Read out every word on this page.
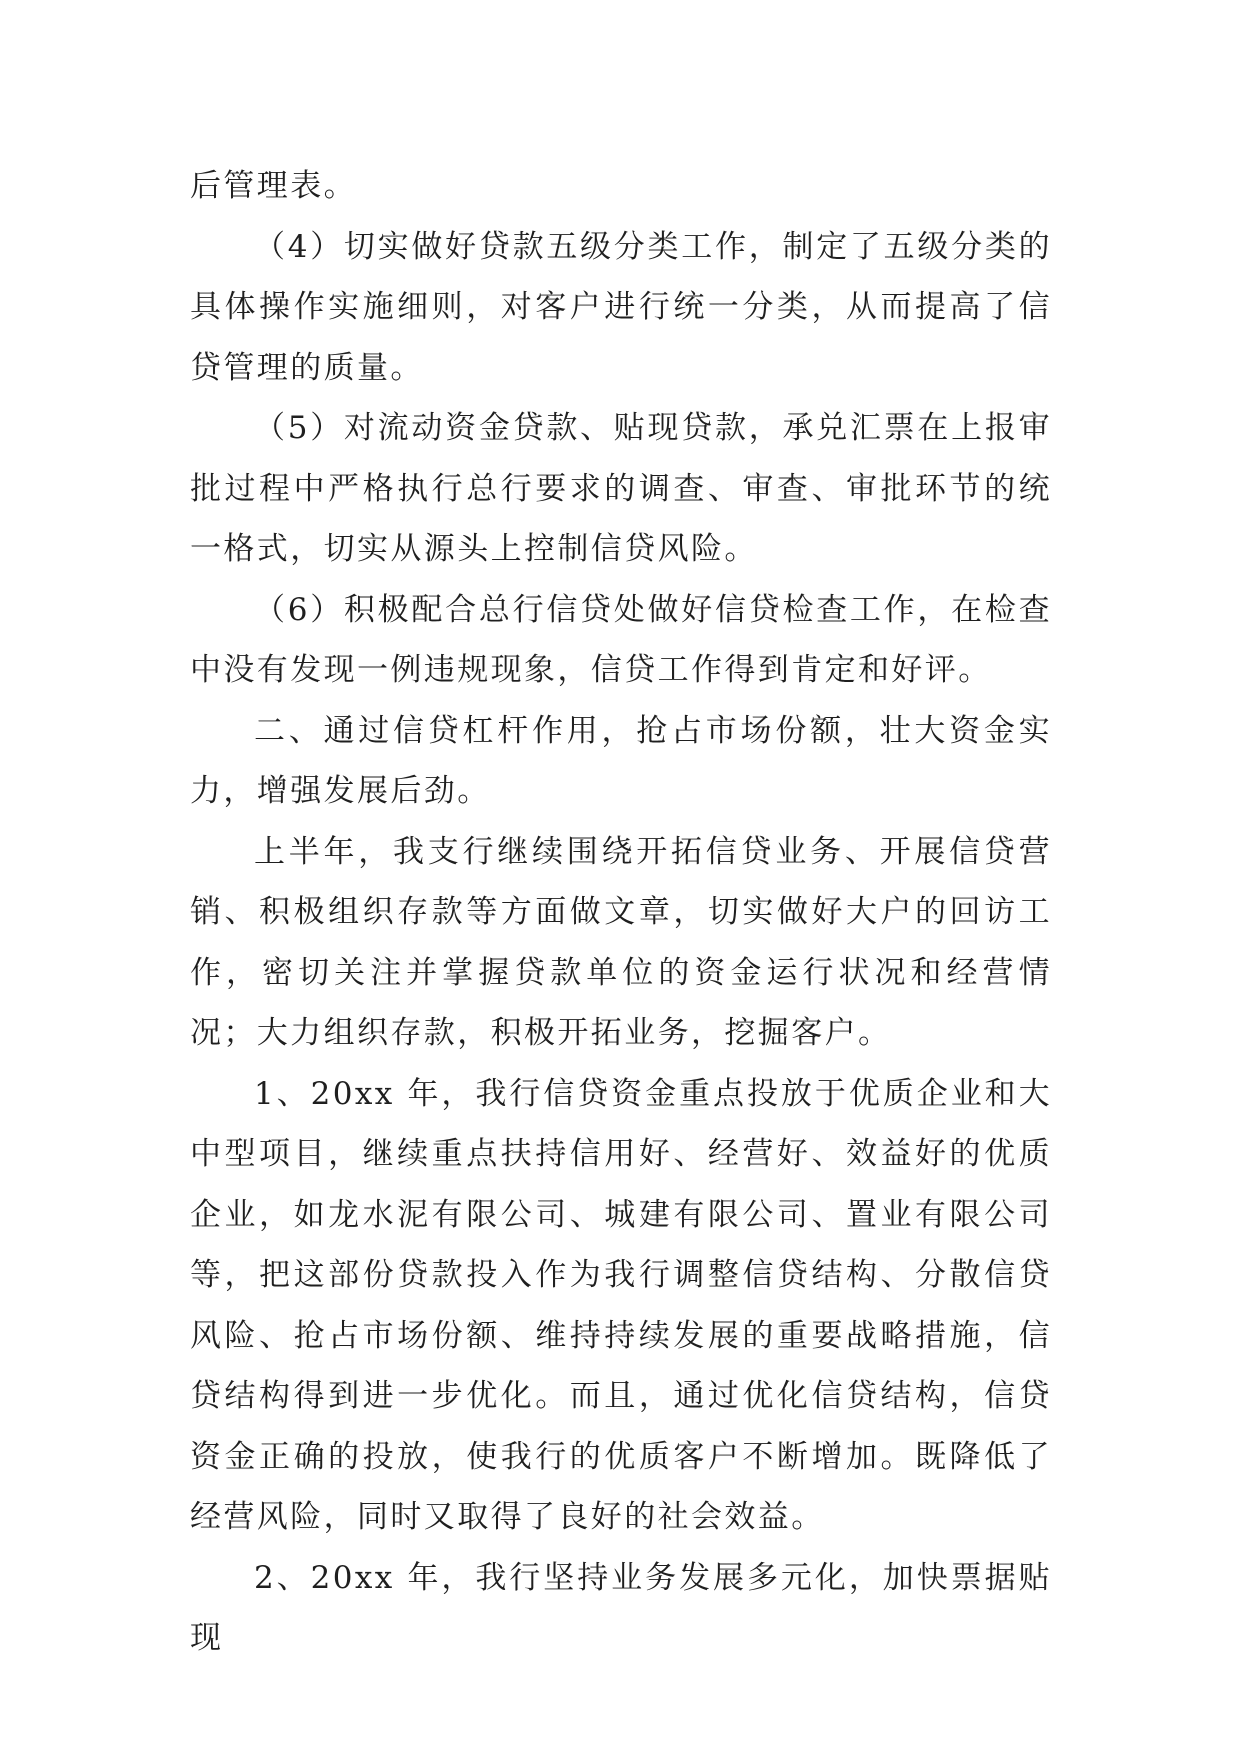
后管理表。

（4）切实做好贷款五级分类工作，制定了五级分类的具体操作实施细则，对客户进行统一分类，从而提高了信贷管理的质量。

（5）对流动资金贷款、贴现贷款，承兑汇票在上报审批过程中严格执行总行要求的调查、审查、审批环节的统一格式，切实从源头上控制信贷风险。

（6）积极配合总行信贷处做好信贷检查工作，在检查中没有发现一例违规现象，信贷工作得到肯定和好评。

二、通过信贷杠杆作用，抢占市场份额，壮大资金实力，增强发展后劲。

上半年，我支行继续围绕开拓信贷业务、开展信贷营销、积极组织存款等方面做文章，切实做好大户的回访工作，密切关注并掌握贷款单位的资金运行状况和经营情况；大力组织存款，积极开拓业务，挖掘客户。

1、20xx 年，我行信贷资金重点投放于优质企业和大中型项目，继续重点扶持信用好、经营好、效益好的优质企业，如龙水泥有限公司、城建有限公司、置业有限公司等，把这部份贷款投入作为我行调整信贷结构、分散信贷风险、抢占市场份额、维持持续发展的重要战略措施，信贷结构得到进一步优化。而且，通过优化信贷结构，信贷资金正确的投放，使我行的优质客户不断增加。既降低了经营风险，同时又取得了良好的社会效益。

2、20xx 年，我行坚持业务发展多元化，加快票据贴现
